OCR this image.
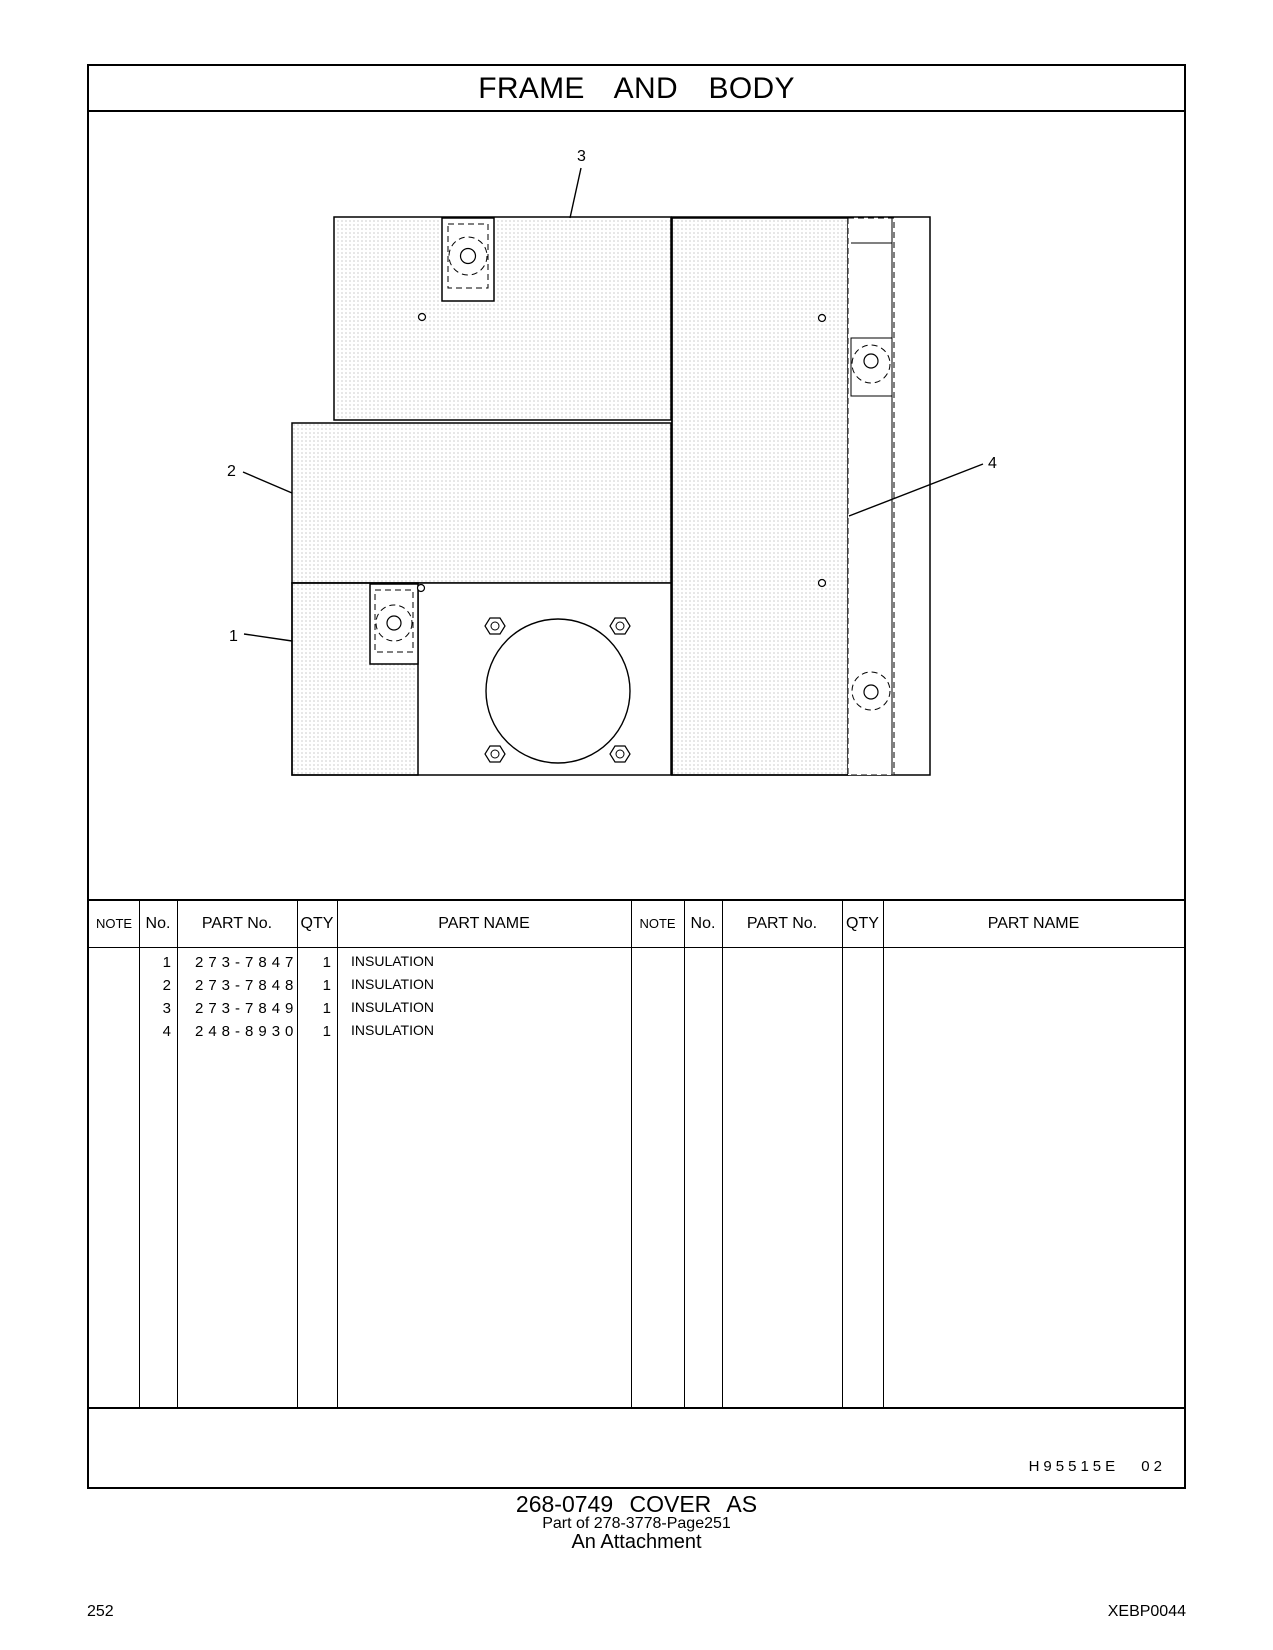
FRAME AND BODY
3
2
1
4
NOTE No.	PART No.	QTY	PART NAME	NOTE No.	PART No.	QTY	PART NAME
1 273-7847	1 INSULATION
2 273-7848	1 INSULATION
3 273-7849	1 INSULATION
4 248-8930	1 INSULATION
H95515E 02
268-0749 COVER AS
Part of 278-3778-Page251
An Attachment
252	XEBP0044
